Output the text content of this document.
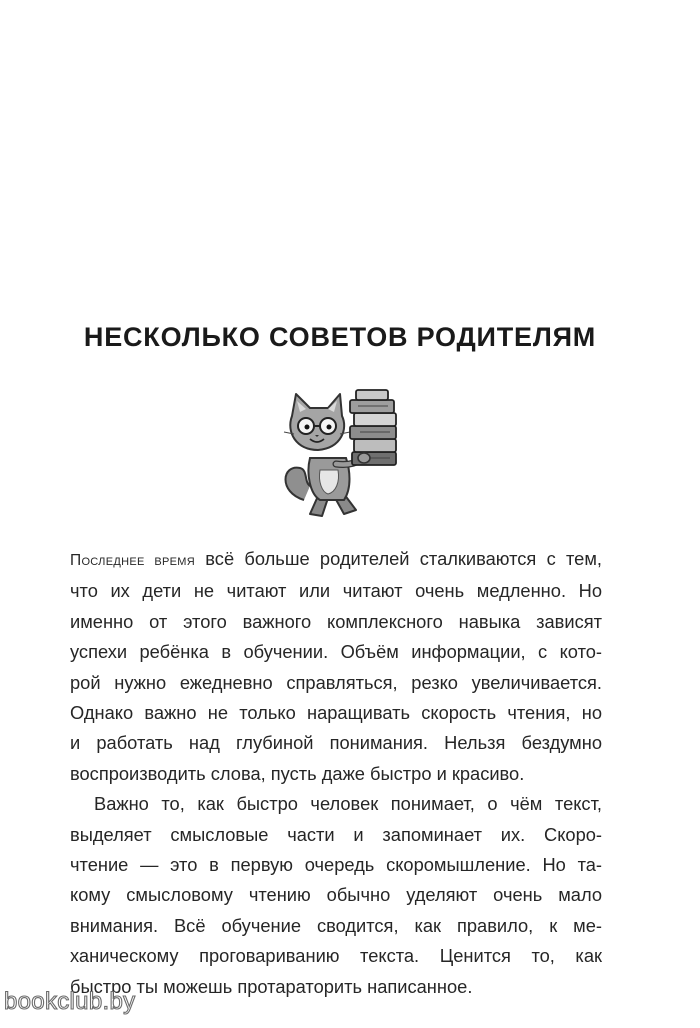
НЕСКОЛЬКО СОВЕТОВ РОДИТЕЛЯМ
Последнее время всё больше родителей сталкиваются с тем,
что их дети не читают или читают очень медленно. Но
именно от этого важного комплексного навыка зависят
успехи ребёнка в обучении. Объём информации, с кото-
рой нужно ежедневно справляться, резко увеличивается.
Однако важно не только наращивать скорость чтения, но
и работать над глубиной понимания. Нельзя бездумно
воспроизводить слова, пусть даже быстро и красиво.
Важно то, как быстро человек понимает, о чём текст,
выделяет смысловые части и запоминает их. Скоро-
чтение — это в первую очередь скоромышление. Но та-
кому смысловому чтению обычно уделяют очень мало
внимания. Всё обучение сводится, как правило, к ме-
ханическому проговариванию текста. Ценится то, как
быстро ты можешь протараторить написанное.
bookclub.by
